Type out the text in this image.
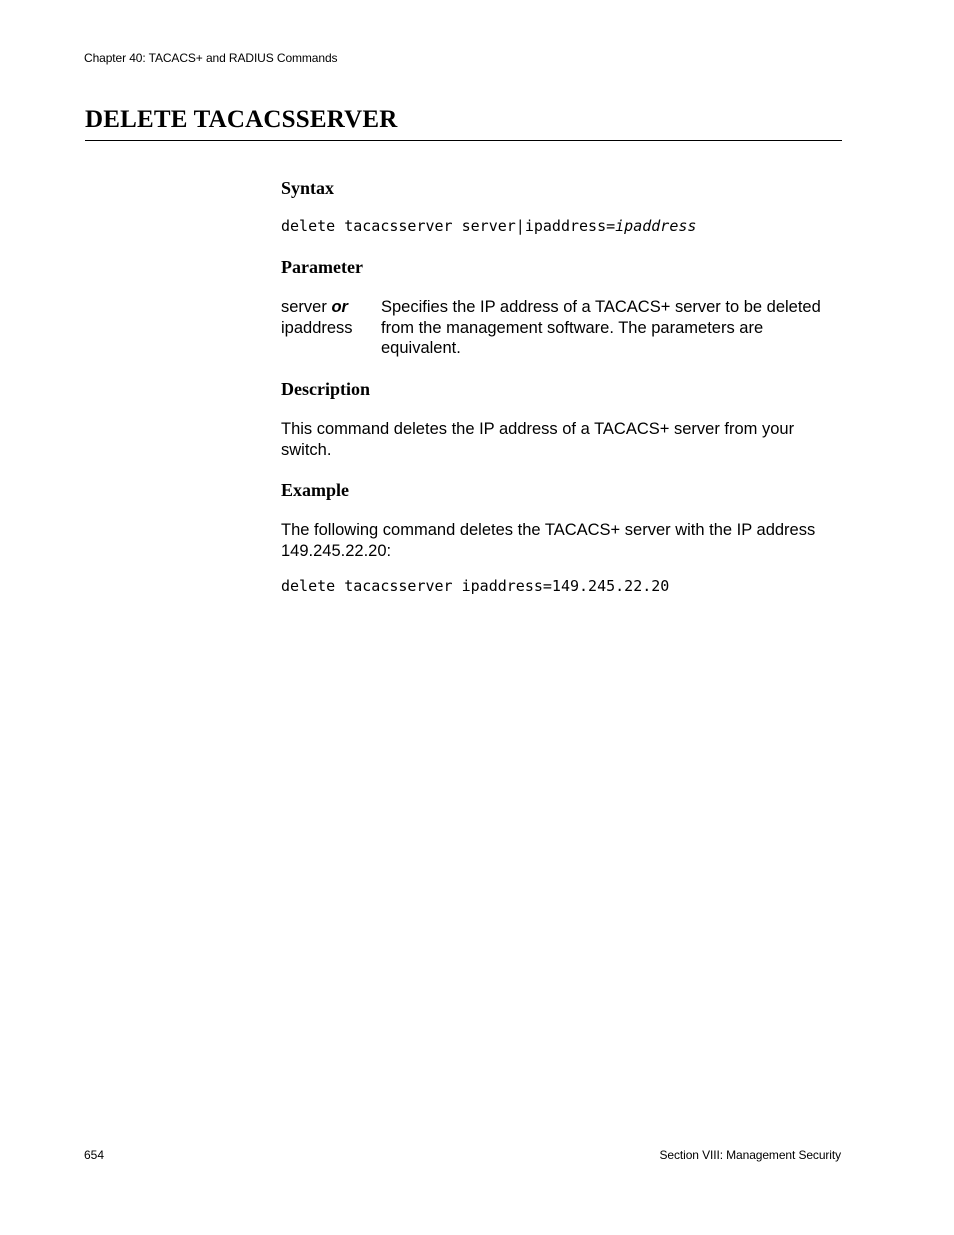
Chapter 40: TACACS+ and RADIUS Commands
DELETE TACACSSERVER
Syntax
delete tacacsserver server|ipaddress=ipaddress
Parameter
server or
ipaddress
Specifies the IP address of a TACACS+ server to be deleted from the management software. The parameters are equivalent.
Description
This command deletes the IP address of a TACACS+ server from your switch.
Example
The following command deletes the TACACS+ server with the IP address 149.245.22.20:
delete tacacsserver ipaddress=149.245.22.20
654	Section VIII: Management Security
